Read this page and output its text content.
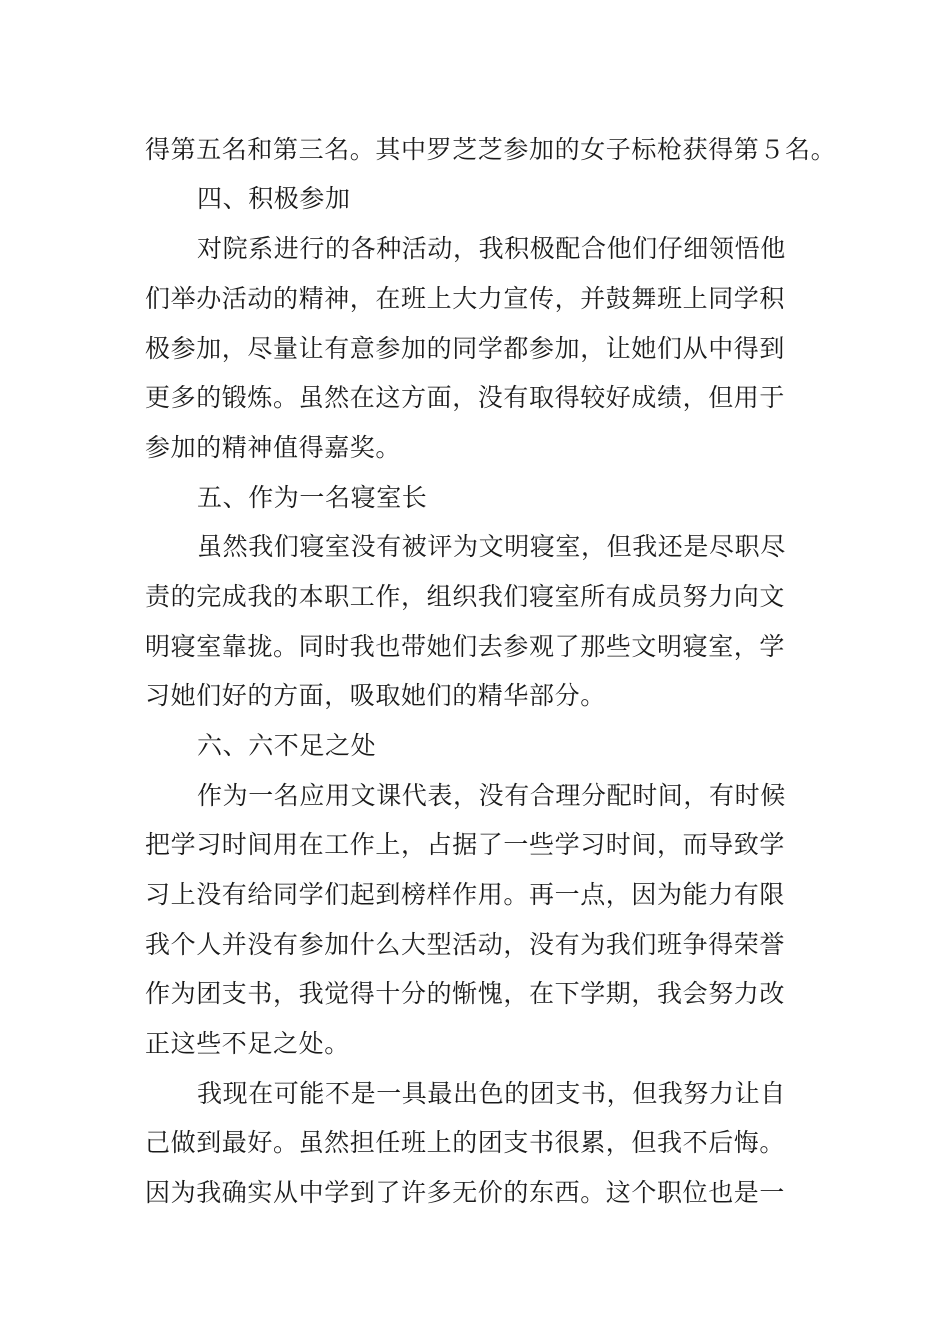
得第五名和第三名。其中罗芝芝参加的女子标枪获得第５名。
四、积极参加
对院系进行的各种活动，我积极配合他们仔细领悟他
们举办活动的精神，在班上大力宣传，并鼓舞班上同学积
极参加，尽量让有意参加的同学都参加，让她们从中得到
更多的锻炼。虽然在这方面，没有取得较好成绩，但用于
参加的精神值得嘉奖。
五、作为一名寝室长
虽然我们寝室没有被评为文明寝室，但我还是尽职尽
责的完成我的本职工作，组织我们寝室所有成员努力向文
明寝室靠拢。同时我也带她们去参观了那些文明寝室，学
习她们好的方面，吸取她们的精华部分。
六、六不足之处
作为一名应用文课代表，没有合理分配时间，有时候
把学习时间用在工作上，占据了一些学习时间，而导致学
习上没有给同学们起到榜样作用。再一点，因为能力有限
我个人并没有参加什么大型活动，没有为我们班争得荣誉
作为团支书，我觉得十分的惭愧，在下学期，我会努力改
正这些不足之处。
我现在可能不是一具最出色的团支书，但我努力让自
己做到最好。虽然担任班上的团支书很累，但我不后悔。
因为我确实从中学到了许多无价的东西。这个职位也是一
